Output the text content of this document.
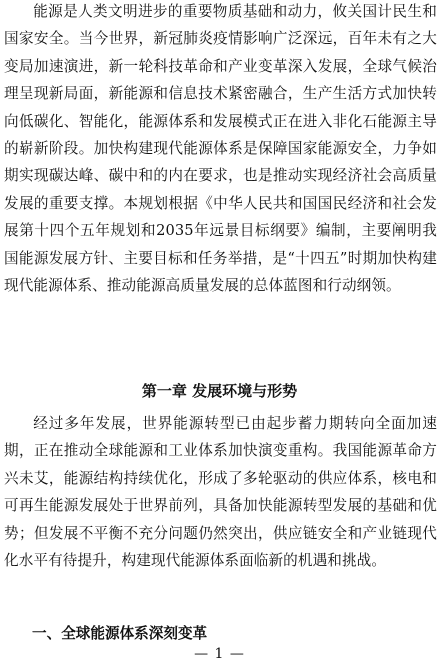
能源是人类文明进步的重要物质基础和动力，攸关国计民生和国家安全。当今世界，新冠肺炎疫情影响广泛深远，百年未有之大变局加速演进，新一轮科技革命和产业变革深入发展，全球气候治理呈现新局面，新能源和信息技术紧密融合，生产生活方式加快转向低碳化、智能化，能源体系和发展模式正在进入非化石能源主导的崭新阶段。加快构建现代能源体系是保障国家能源安全，力争如期实现碳达峰、碳中和的内在要求，也是推动实现经济社会高质量发展的重要支撑。本规划根据《中华人民共和国国民经济和社会发展第十四个五年规划和2035年远景目标纲要》编制，主要阐明我国能源发展方针、主要目标和任务举措，是“十四五”时期加快构建现代能源体系、推动能源高质量发展的总体蓝图和行动纲领。

第一章 发展环境与形势

经过多年发展，世界能源转型已由起步蓄力期转向全面加速期，正在推动全球能源和工业体系加快演变重构。我国能源革命方兴未艾，能源结构持续优化，形成了多轮驱动的供应体系，核电和可再生能源发展处于世界前列，具备加快能源转型发展的基础和优势；但发展不平衡不充分问题仍然突出，供应链安全和产业链现代化水平有待提升，构建现代能源体系面临新的机遇和挑战。

一、全球能源体系深刻变革
— 1 —
